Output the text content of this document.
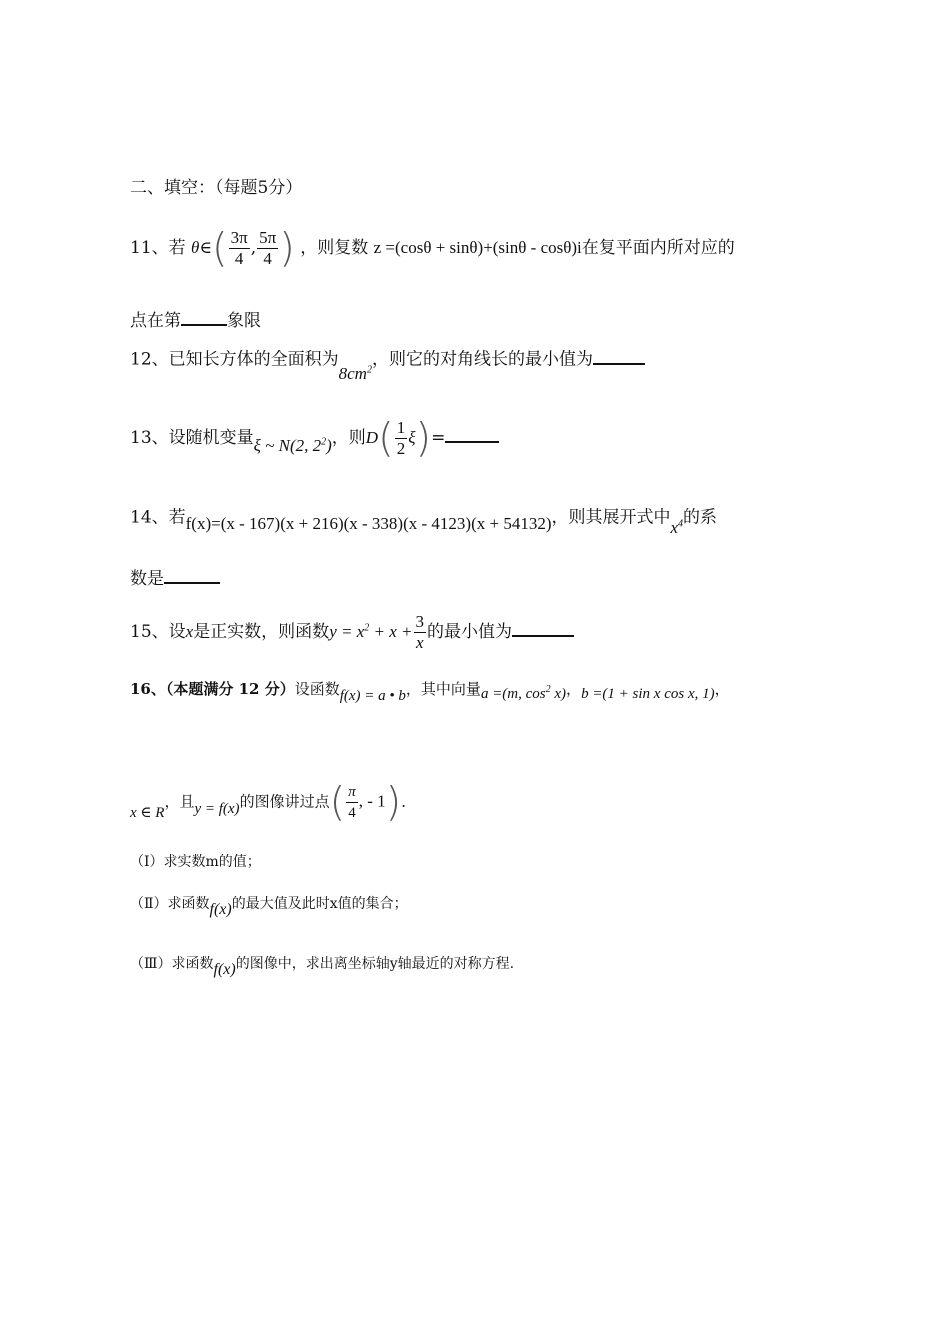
二、填空：（每题5分）
11、若 θ∈( $\frac{3\pi}{4}$ , $\frac{5\pi}{4}$ ) ，则复数 z =(cosθ + sinθ)+(sinθ - cosθ)i在复平面内所对应的
点在第	象限
12、已知长方体的全面积为$8cm^2$，则它的对角线长的最小值为
13、设随机变量ξ ~ N(2, $2^2$)，则$D( \frac{1}{2} \xi)=$
14、若f(x)=(x - 167)(x + 216)(x - 338)(x - 4123)(x + 54132)，则其展开式中$x^4$的系
数是
15、设x是正实数，则函数$y = x^2 + x + \frac{3}{x}$ 的最小值为
16、（本题满分 12 分）设函数f(x) = a • b，其中向量a =(m, $\cos^2 x$)，b =(1 + sin x cos x, 1)，
x ∈ R，且y = f(x)的图像讲过点( $\frac{\pi}{4}$ , - 1)．
（Ⅰ）求实数m的值；
（Ⅱ）求函数f(x)的最大值及此时x值的集合；
（Ⅲ）求函数f(x)的图像中，求出离坐标轴y轴最近的对称方程.
